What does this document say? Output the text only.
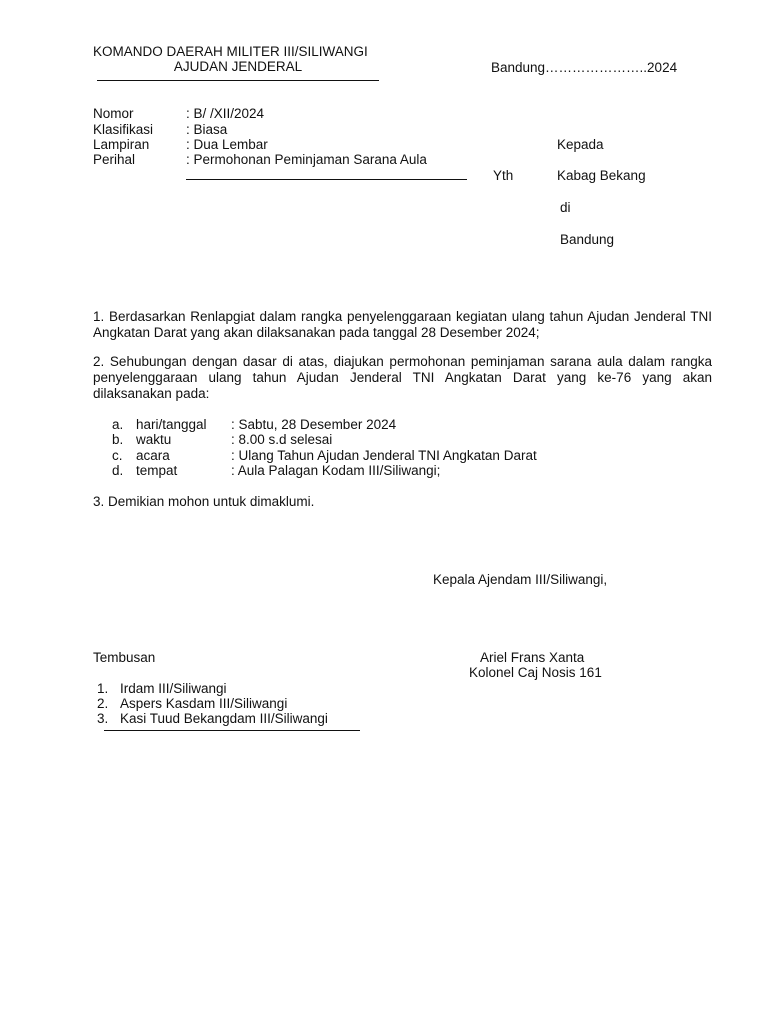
KOMANDO DAERAH MILITER III/SILIWANGI
AJUDAN JENDERAL	Bandung…………………..2024
Nomor	: B/ /XII/2024
Klasifikasi : Biasa
Lampiran	: Dua Lembar
Perihal	: Permohonan Peminjaman Sarana Aula
Kepada
Yth	Kabag Bekang
di
Bandung
1. Berdasarkan Renlapgiat dalam rangka penyelenggaraan kegiatan ulang tahun Ajudan Jenderal TNI Angkatan Darat yang akan dilaksanakan pada tanggal 28 Desember 2024;
2. Sehubungan dengan dasar di atas, diajukan permohonan peminjaman sarana aula dalam rangka penyelenggaraan ulang tahun Ajudan Jenderal TNI Angkatan Darat yang ke-76 yang akan dilaksanakan pada:
a. hari/tanggal : Sabtu, 28 Desember 2024
b. waktu	: 8.00 s.d selesai
c. acara	: Ulang Tahun Ajudan Jenderal TNI Angkatan Darat
d. tempat	: Aula Palagan Kodam III/Siliwangi;
3. Demikian mohon untuk dimaklumi.
Kepala Ajendam III/Siliwangi,
Ariel Frans Xanta
Kolonel Caj Nosis 161
Tembusan
1. Irdam III/Siliwangi
2. Aspers Kasdam III/Siliwangi
3. Kasi Tuud Bekangdam III/Siliwangi
